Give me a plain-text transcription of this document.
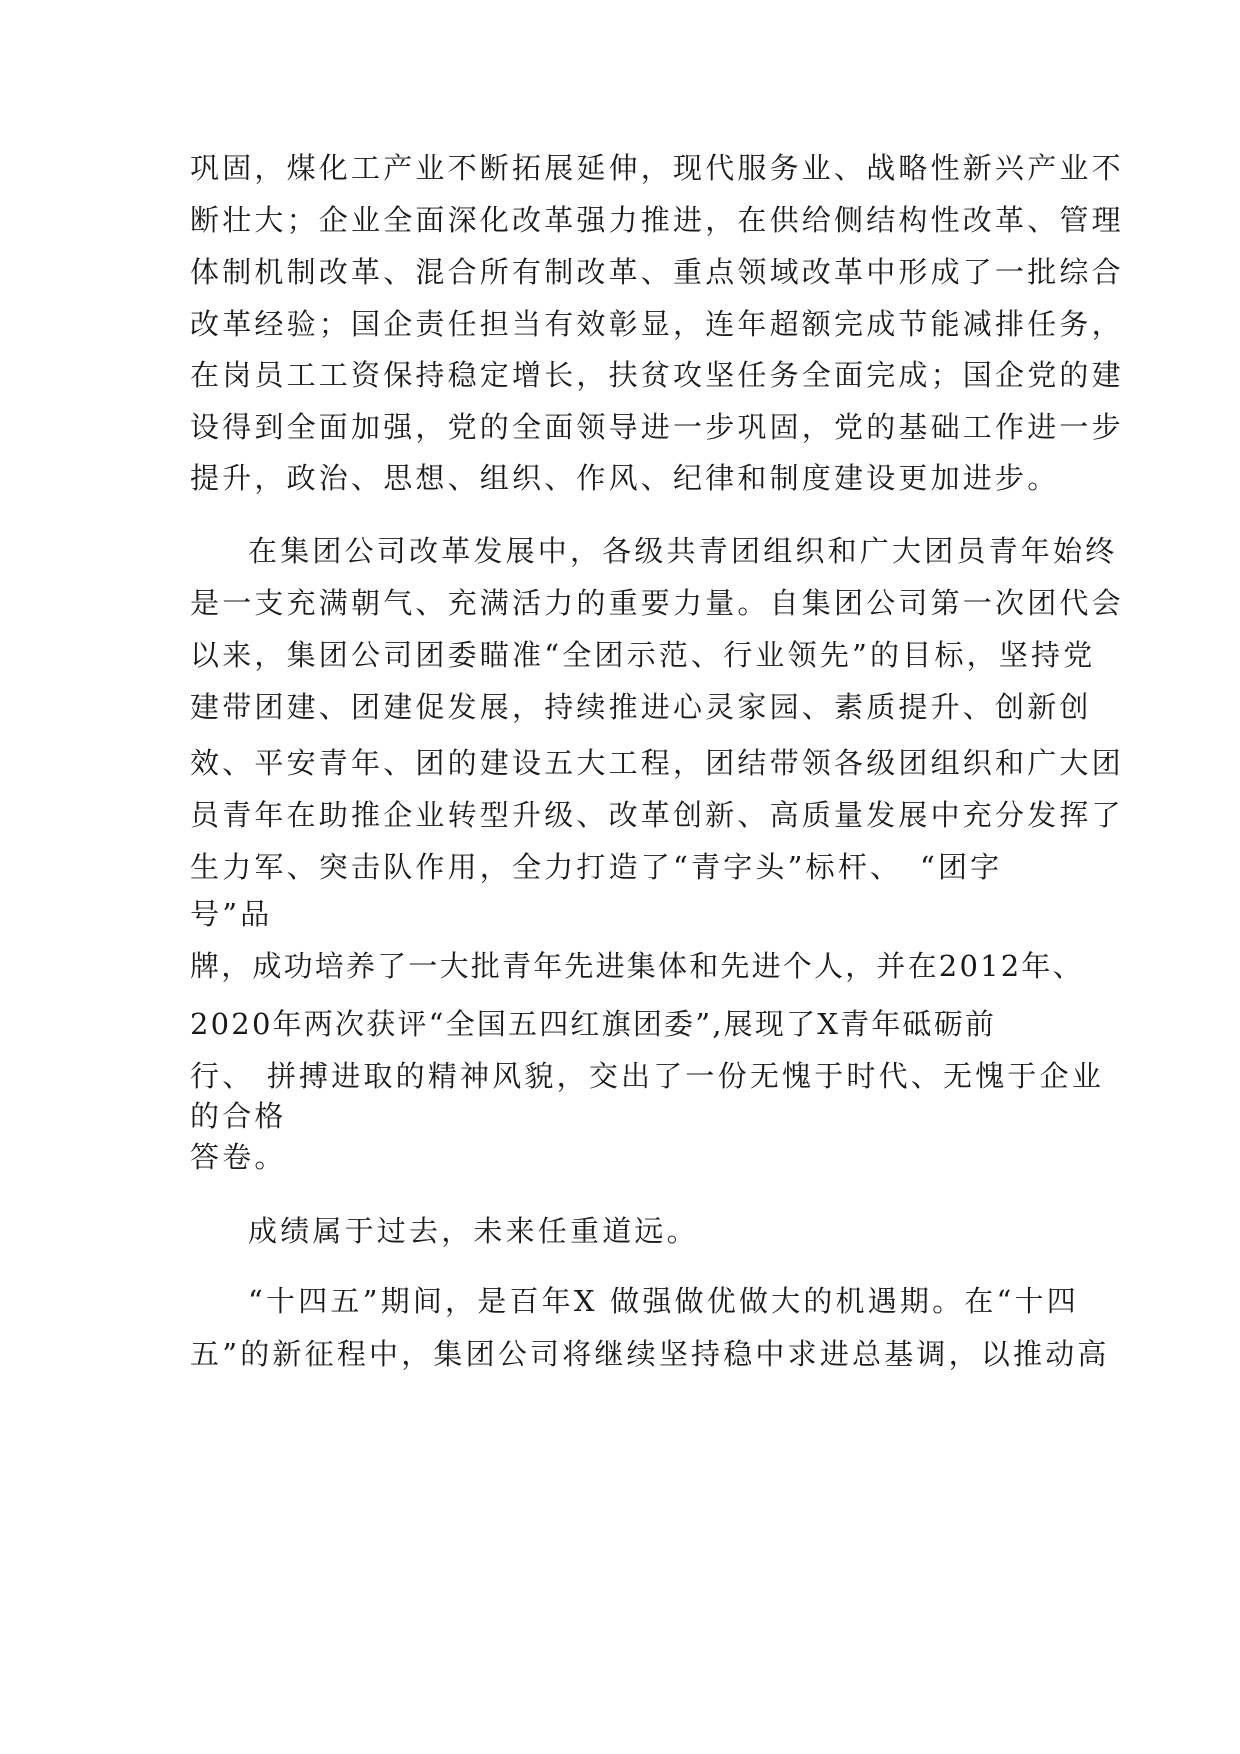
巩固，煤化工产业不断拓展延伸，现代服务业、战略性新兴产业不

断壮大；企业全面深化改革强力推进，在供给侧结构性改革、管理

体制机制改革、混合所有制改革、重点领域改革中形成了一批综合

改革经验；国企责任担当有效彰显，连年超额完成节能减排任务，

在岗员工工资保持稳定增长，扶贫攻坚任务全面完成；国企党的建

设得到全面加强，党的全面领导进一步巩固，党的基础工作进一步

提升，政治、思想、组织、作风、纪律和制度建设更加进步。

在集团公司改革发展中，各级共青团组织和广大团员青年始终

是一支充满朝气、充满活力的重要力量。自集团公司第一次团代会

以来，集团公司团委瞄准“全团示范、行业领先”的目标，坚持党

建带团建、团建促发展，持续推进心灵家园、素质提升、创新创

效、平安青年、团的建设五大工程，团结带领各级团组织和广大团

员青年在助推企业转型升级、改革创新、高质量发展中充分发挥了

生力军、突击队作用，全力打造了“青字头”标杆、　“团字

号”品

牌，成功培养了一大批青年先进集体和先进个人，并在2012年、

2020年两次获评“全国五四红旗团委”,展现了X青年砥砺前

行、 拼搏进取的精神风貌，交出了一份无愧于时代、无愧于企业

的合格

答卷。

成绩属于过去，未来任重道远。

“十四五”期间，是百年X 做强做优做大的机遇期。在“十四

五”的新征程中，集团公司将继续坚持稳中求进总基调，以推动高
